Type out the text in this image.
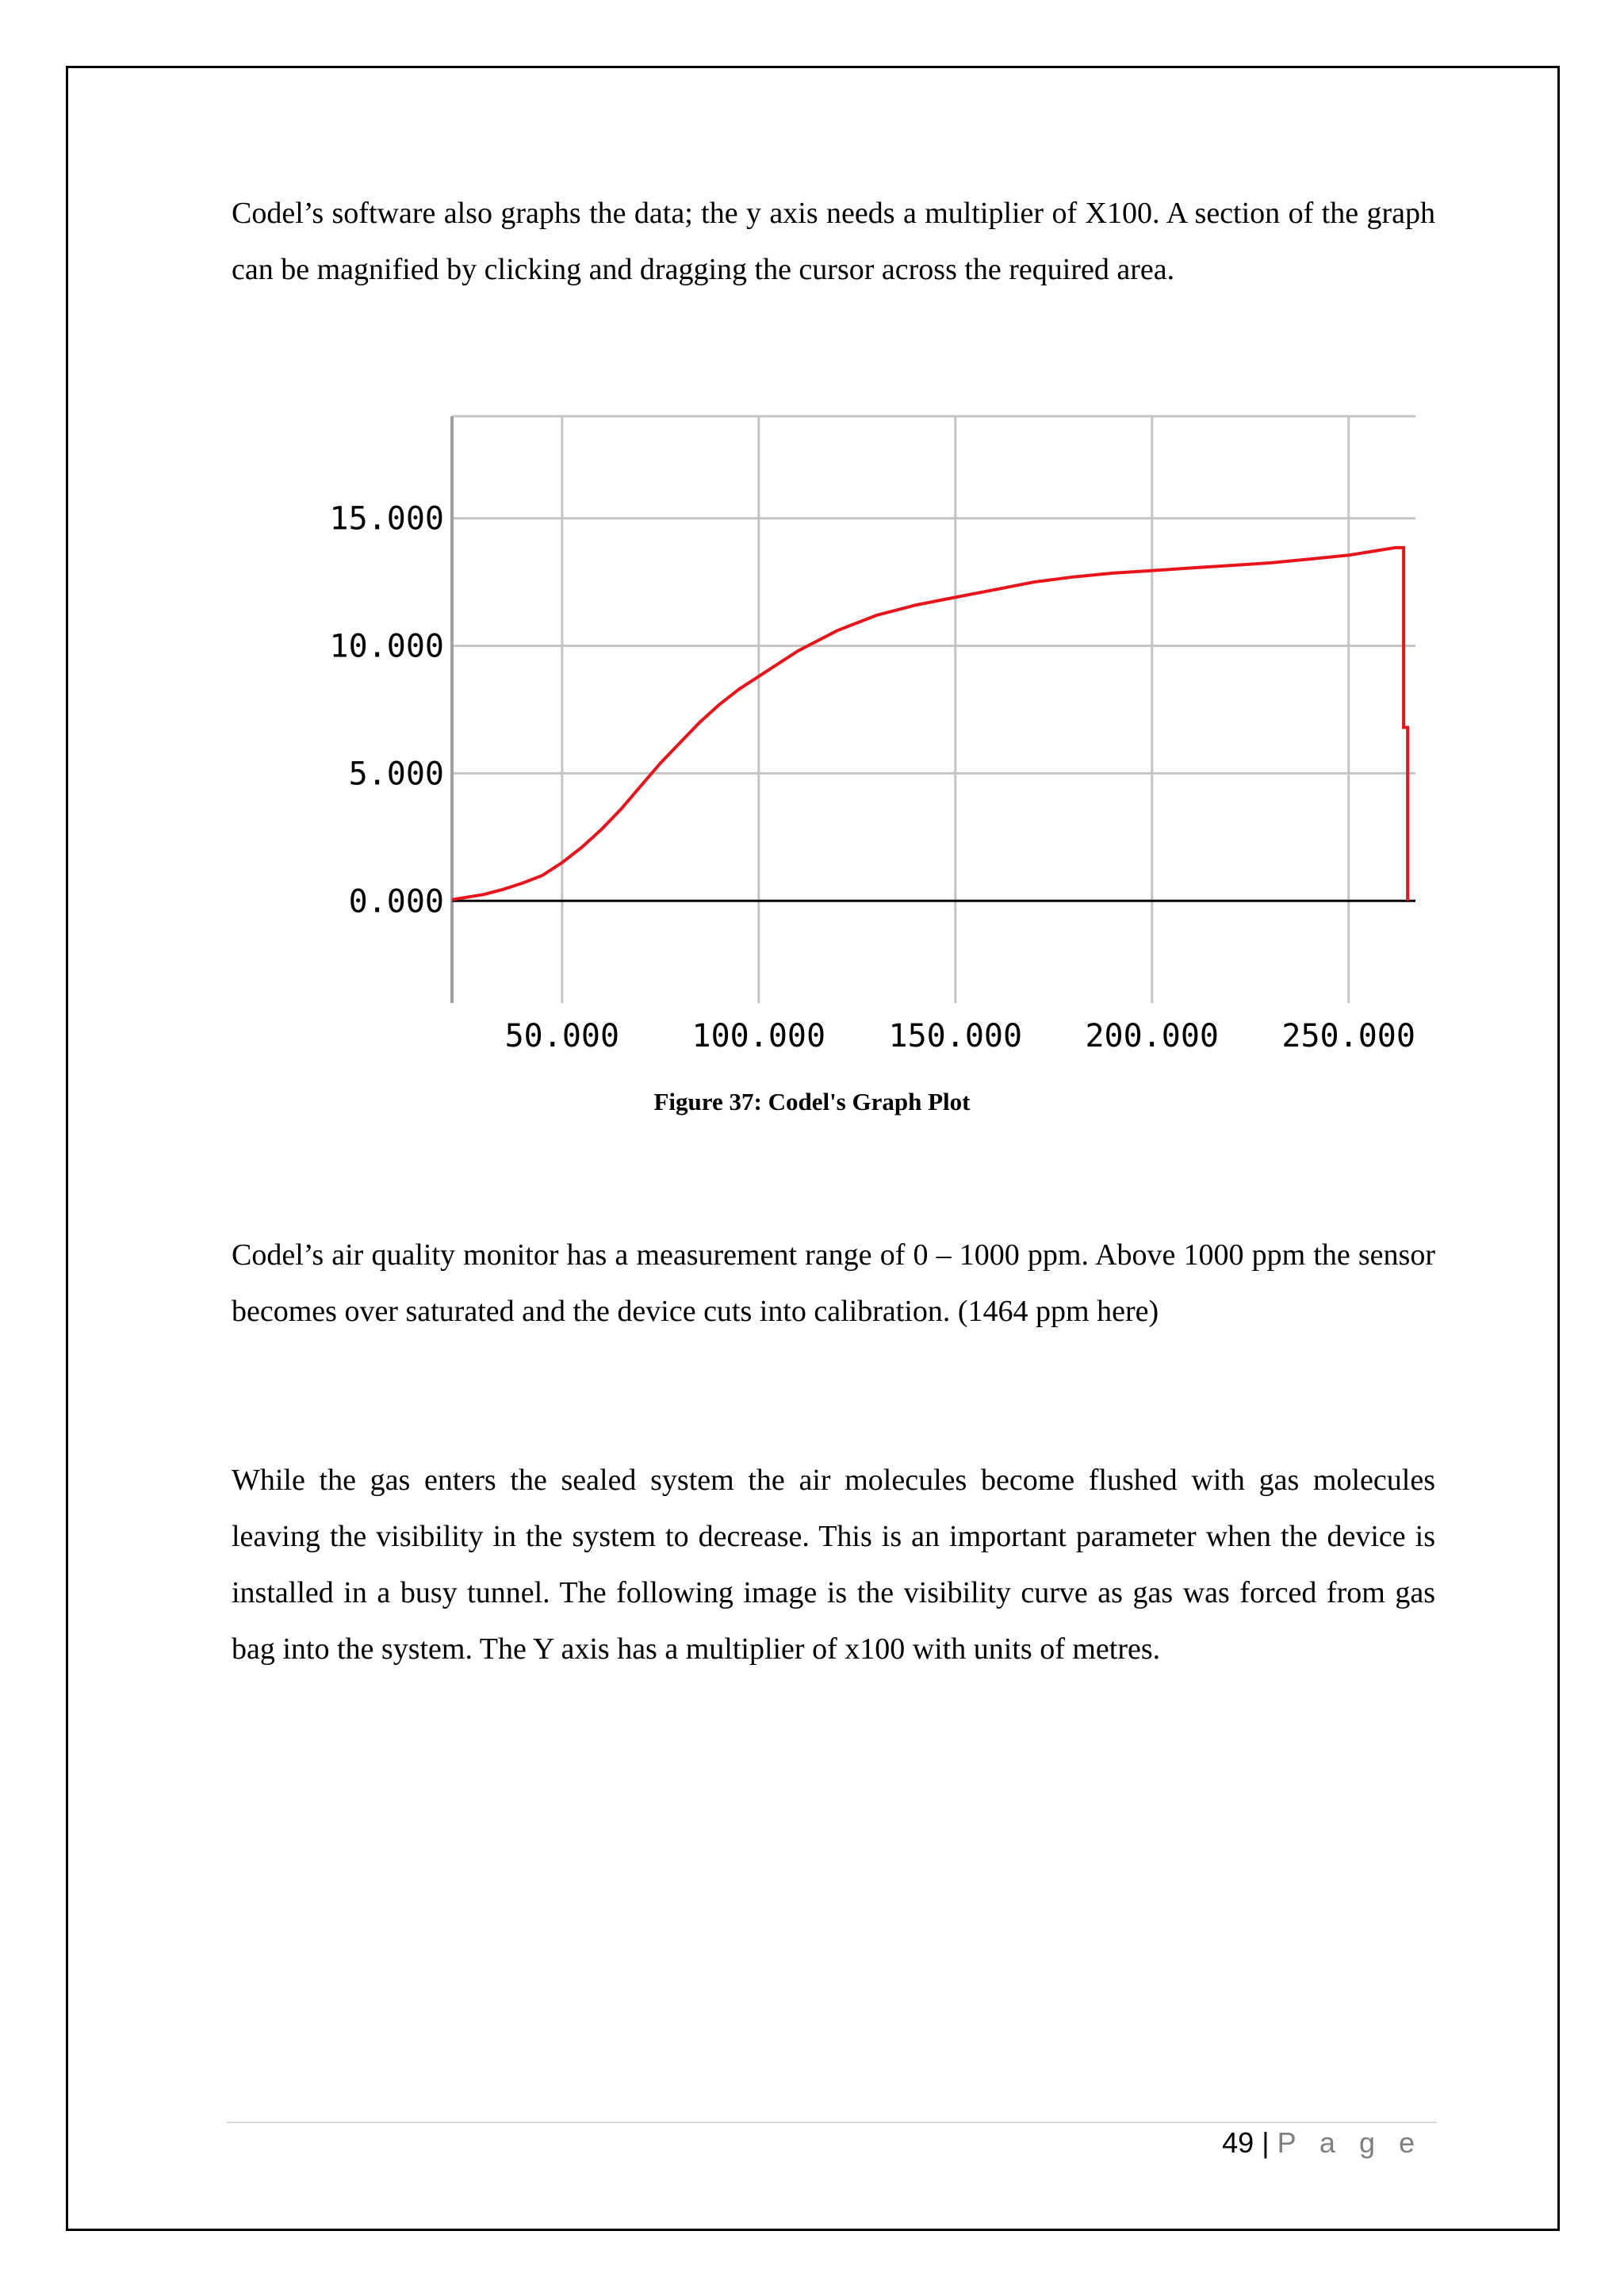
Codel’s software also graphs the data; the y axis needs a multiplier of X100. A section of the graph can be magnified by clicking and dragging the cursor across the required area.

50.000 100.000 150.000 200.000 250.000
0.000
5.000
10.000
15.000
Figure 37: Codel's Graph Plot

Codel’s air quality monitor has a measurement range of 0 – 1000 ppm. Above 1000 ppm the sensor becomes over saturated and the device cuts into calibration. (1464 ppm here)

While the gas enters the sealed system the air molecules become flushed with gas molecules leaving the visibility in the system to decrease. This is an important parameter when the device is installed in a busy tunnel. The following image is the visibility curve as gas was forced from gas bag into the system. The Y axis has a multiplier of x100 with units of metres.

49 | P a g e
